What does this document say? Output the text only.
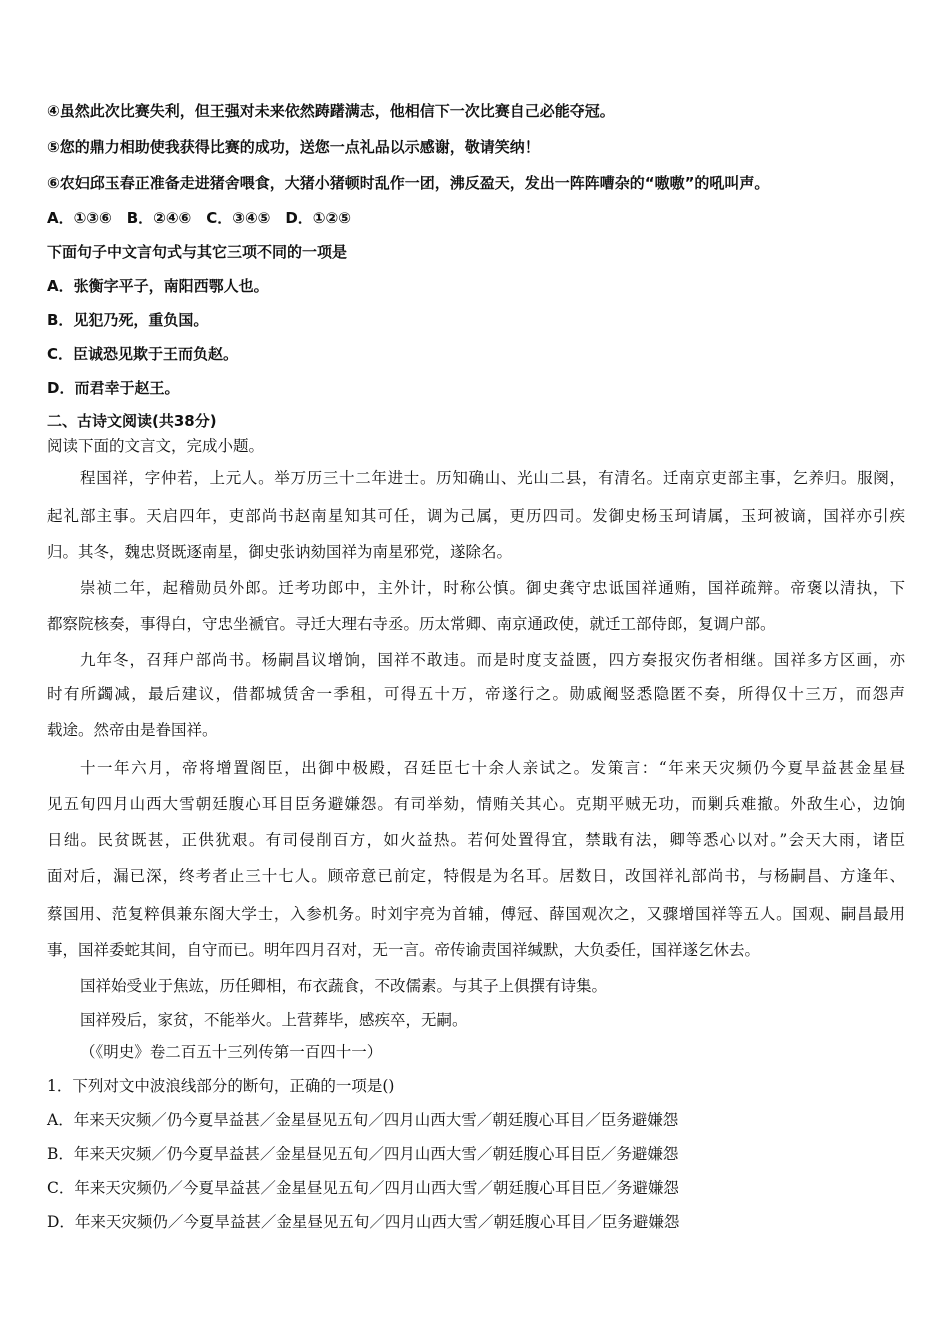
④虽然此次比赛失利，但王强对未来依然踌躇满志，他相信下一次比赛自己必能夺冠。
⑤您的鼎力相助使我获得比赛的成功，送您一点礼品以示感谢，敬请笑纳！
⑥农妇邱玉春正准备走进猪舍喂食，大猪小猪顿时乱作一团，沸反盈天，发出一阵阵嘈杂的“嗷嗷”的吼叫声。
A．①③⑥　B．②④⑥　C．③④⑤　D．①②⑤
下面句子中文言句式与其它三项不同的一项是
A．张衡字平子，南阳西鄂人也。
B．见犯乃死，重负国。
C．臣诚恐见欺于王而负赵。
D．而君幸于赵王。
二、古诗文阅读(共38分)
阅读下面的文言文，完成小题。
程国祥，字仲若，上元人。举万历三十二年进士。历知确山、光山二县，有清名。迁南京吏部主事，乞养归。服阕，
起礼部主事。天启四年，吏部尚书赵南星知其可任，调为己属，更历四司。发御史杨玉珂请属，玉珂被谪，国祥亦引疾
归。其冬，魏忠贤既逐南星，御史张讷劾国祥为南星邪党，遂除名。
崇祯二年，起稽勋员外郎。迁考功郎中，主外计，时称公慎。御史龚守忠诋国祥通贿，国祥疏辩。帝褒以清执，下
都察院核奏，事得白，守忠坐褫官。寻迁大理右寺丞。历太常卿、南京通政使，就迁工部侍郎，复调户部。
九年冬，召拜户部尚书。杨嗣昌议增饷，国祥不敢违。而是时度支益匮，四方奏报灾伤者相继。国祥多方区画，亦
时有所蠲减，最后建议，借都城赁舍一季租，可得五十万，帝遂行之。勋戚阉竖悉隐匿不奏，所得仅十三万，而怨声
载途。然帝由是眷国祥。
十一年六月，帝将增置阁臣，出御中极殿，召廷臣七十余人亲试之。发策言：“年来天灾频仍今夏旱益甚金星昼
见五旬四月山西大雪朝廷腹心耳目臣务避嫌怨。有司举劾，情贿关其心。克期平贼无功，而剿兵难撤。外敌生心，边饷
日绌。民贫既甚，正供犹艰。有司侵削百方，如火益热。若何处置得宜，禁戢有法，卿等悉心以对。”会天大雨，诸臣
面对后，漏已深，终考者止三十七人。顾帝意已前定，特假是为名耳。居数日，改国祥礼部尚书，与杨嗣昌、方逢年、
蔡国用、范复粹俱兼东阁大学士，入参机务。时刘宇亮为首辅，傅冠、薛国观次之，又骤增国祥等五人。国观、嗣昌最用
事，国祥委蛇其间，自守而已。明年四月召对，无一言。帝传谕责国祥缄默，大负委任，国祥遂乞休去。
国祥始受业于焦竑，历任卿相，布衣蔬食，不改儒素。与其子上俱撰有诗集。
国祥殁后，家贫，不能举火。上营葬毕，感疾卒，无嗣。
（《明史》卷二百五十三列传第一百四十一）
1．下列对文中波浪线部分的断句，正确的一项是()
A．年来天灾频／仍今夏旱益甚／金星昼见五旬／四月山西大雪／朝廷腹心耳目／臣务避嫌怨
B．年来天灾频／仍今夏旱益甚／金星昼见五旬／四月山西大雪／朝廷腹心耳目臣／务避嫌怨
C．年来天灾频仍／今夏旱益甚／金星昼见五旬／四月山西大雪／朝廷腹心耳目臣／务避嫌怨
D．年来天灾频仍／今夏旱益甚／金星昼见五旬／四月山西大雪／朝廷腹心耳目／臣务避嫌怨
